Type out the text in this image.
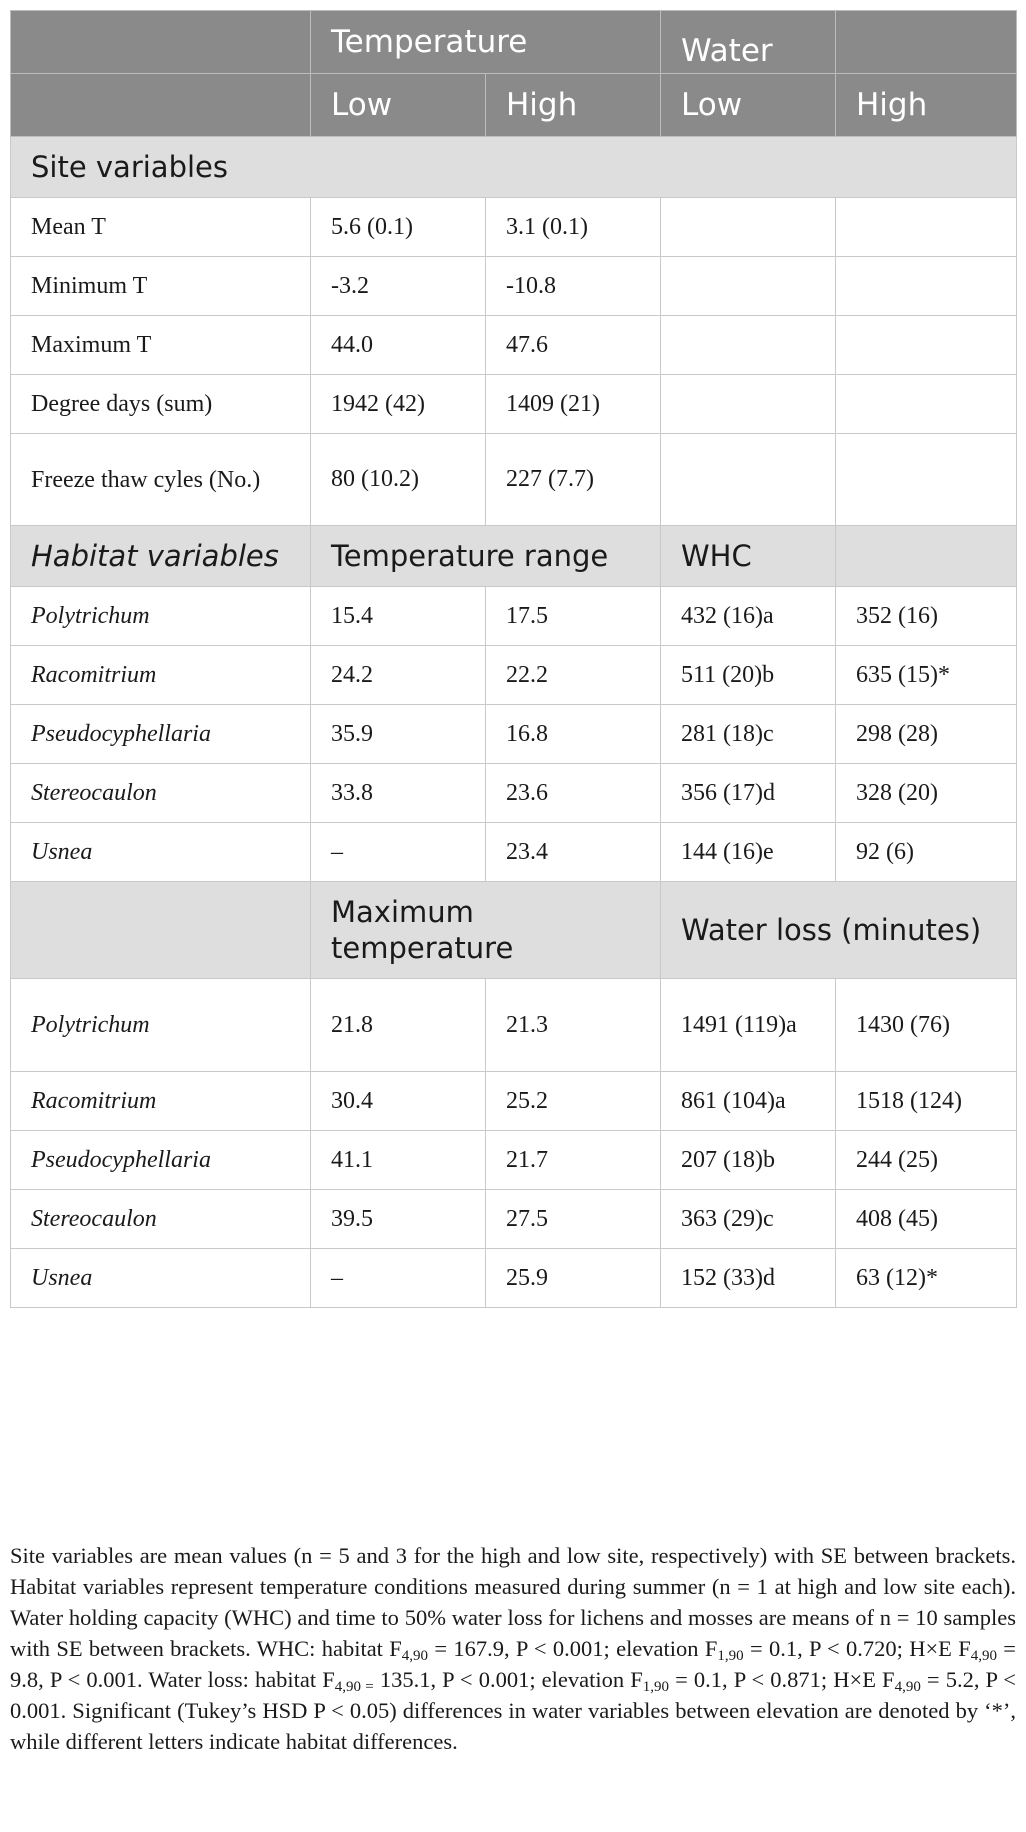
	Temperature		Water	
	Low	High	Low	High
Site variables				
Mean T	5.6 (0.1)	3.1 (0.1)		
Minimum T	-3.2	-10.8		
Maximum T	44.0	47.6		
Degree days (sum)	1942 (42)	1409 (21)		
Freeze thaw cyles (No.)	80 (10.2)	227 (7.7)		
Habitat variables	Temperature range		WHC	
Polytrichum	15.4	17.5	432 (16)a	352 (16)
Racomitrium	24.2	22.2	511 (20)b	635 (15)*
Pseudocyphellaria	35.9	16.8	281 (18)c	298 (28)
Stereocaulon	33.8	23.6	356 (17)d	328 (20)
Usnea	–	23.4	144 (16)e	92 (6)
	Maximum temperature		Water loss (minutes)	
Polytrichum	21.8	21.3	1491 (119)a	1430 (76)
Racomitrium	30.4	25.2	861 (104)a	1518 (124)
Pseudocyphellaria	41.1	21.7	207 (18)b	244 (25)
Stereocaulon	39.5	27.5	363 (29)c	408 (45)
Usnea	–	25.9	152 (33)d	63 (12)*
Site variables are mean values (n = 5 and 3 for the high and low site, respectively) with SE between brackets. Habitat variables represent temperature conditions measured during summer (n = 1 at high and low site each). Water holding capacity (WHC) and time to 50% water loss for lichens and mosses are means of n = 10 samples with SE between brackets. WHC: habitat $F_{4,90} = 167.9$, P < 0.001; elevation $F_{1,90} = 0.1$, P < 0.720; H×E $F_{4,90} = 9.8$, P < 0.001. Water loss: habitat $F_{4,90 =}$ 135.1, P < 0.001; elevation $F_{1,90} = 0.1$, P < 0.871; H×E $F_{4,90} = 5.2$, P < 0.001. Significant (Tukey’s HSD P < 0.05) differences in water variables between elevation are denoted by ‘*’, while different letters indicate habitat differences.
